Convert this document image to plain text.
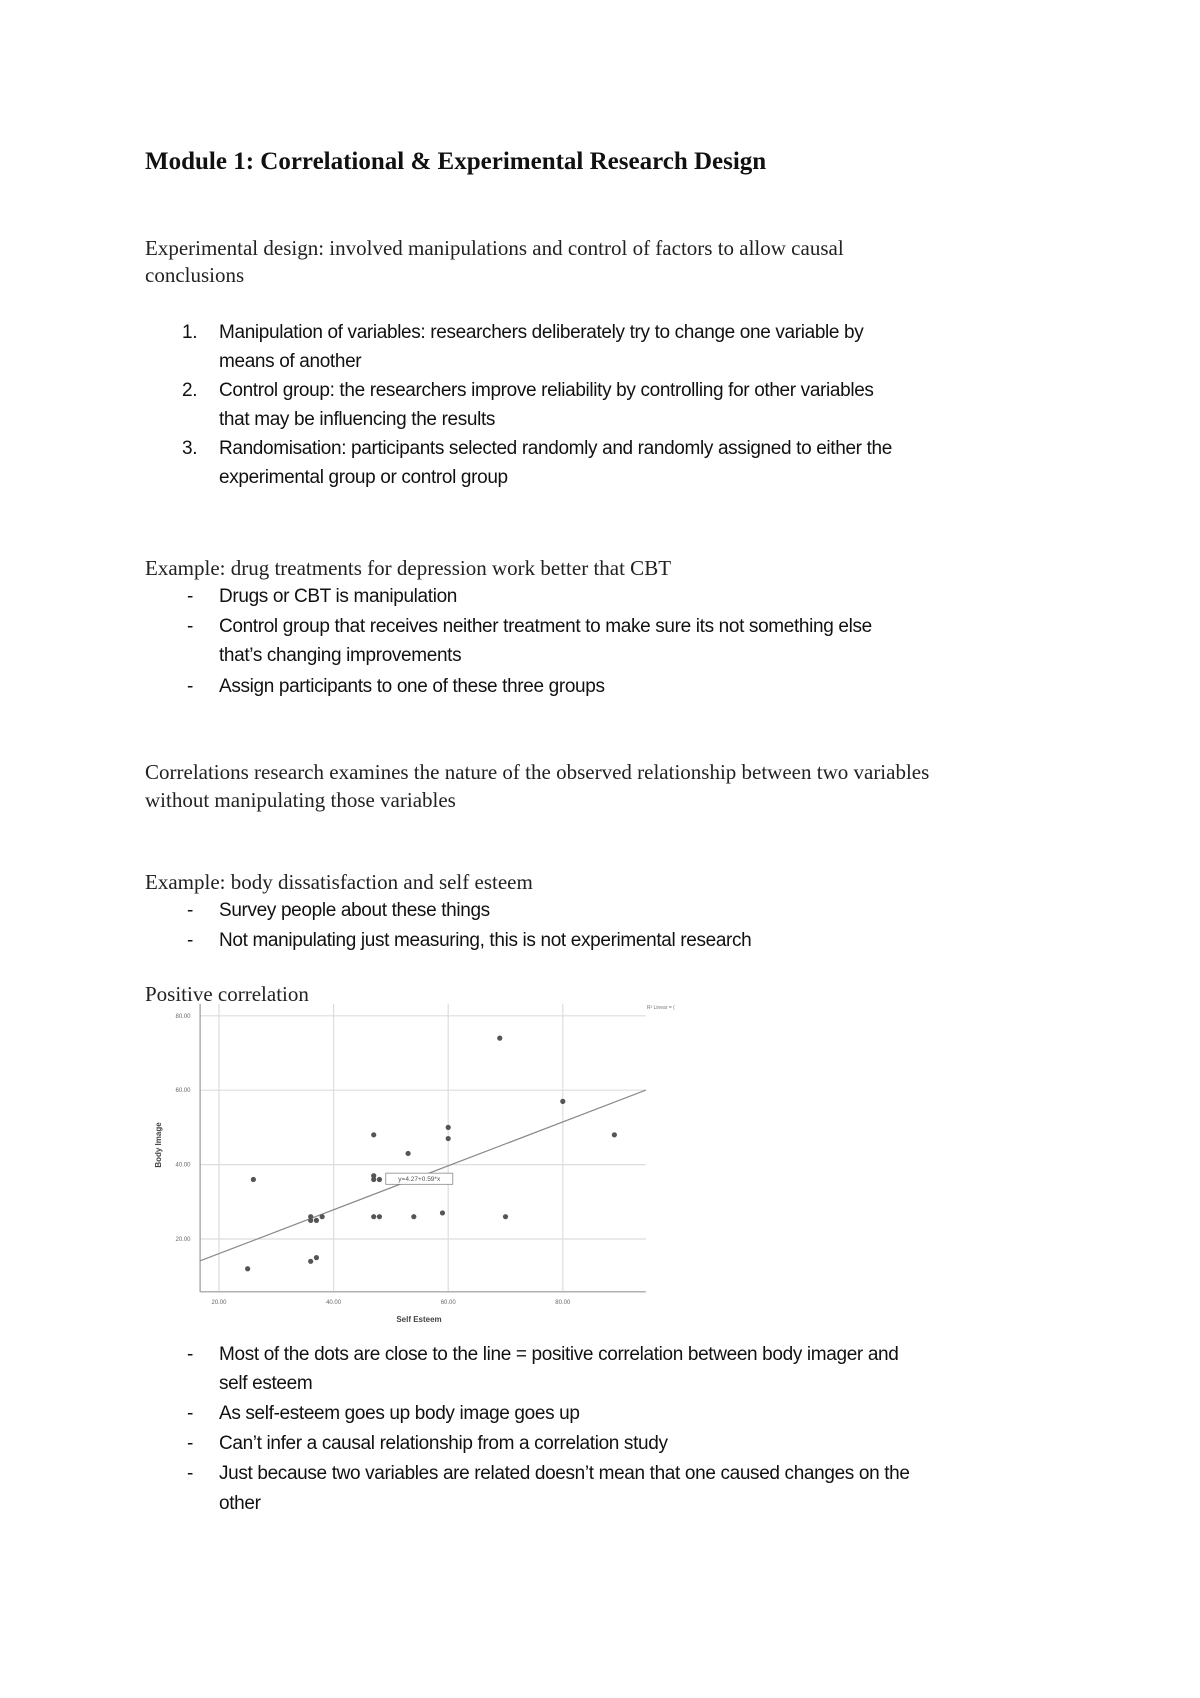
Module 1: Correlational & Experimental Research Design
Experimental design: involved manipulations and control of factors to allow causal
conclusions
1. Manipulation of variables: researchers deliberately try to change one variable by
means of another
2. Control group: the researchers improve reliability by controlling for other variables
that may be influencing the results
3. Randomisation: participants selected randomly and randomly assigned to either the
experimental group or control group
Example: drug treatments for depression work better that CBT
- Drugs or CBT is manipulation
- Control group that receives neither treatment to make sure its not something else
that’s changing improvements
- Assign participants to one of these three groups
Correlations research examines the nature of the observed relationship between two variables
without manipulating those variables
Example: body dissatisfaction and self esteem
- Survey people about these things
- Not manipulating just measuring, this is not experimental research
Positive correlation
20.00	40.00	60.00	80.00
20.00
40.00
60.00
80.00
y=4.27+0.59*x
R² Linear = (
Self Esteem
Body Image
- Most of the dots are close to the line = positive correlation between body imager and
self esteem
- As self-esteem goes up body image goes up
- Can’t infer a causal relationship from a correlation study
- Just because two variables are related doesn’t mean that one caused changes on the
other
